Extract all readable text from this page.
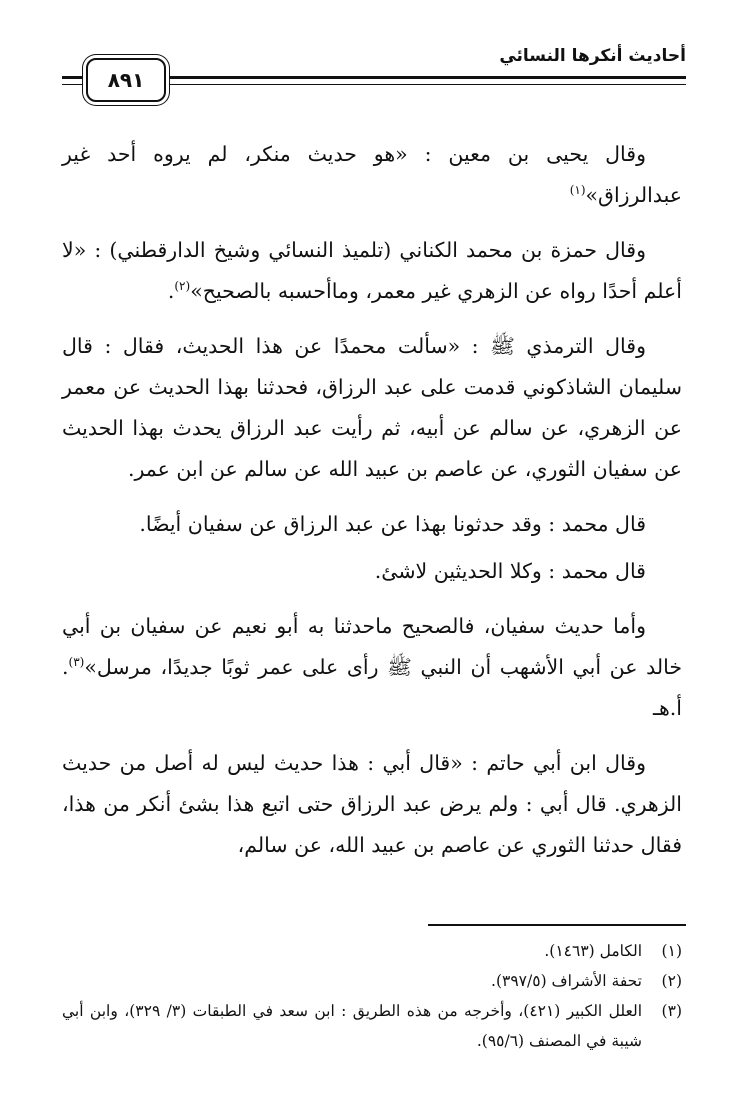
أحاديث أنكرها النسائي
٨٩١

وقال يحيى بن معين : «هو حديث منكر، لم يروه أحد غير عبدالرزاق»$^{(١)}$

وقال حمزة بن محمد الكناني (تلميذ النسائي وشيخ الدارقطني) : «لا أعلم أحدًا رواه عن الزهري غير معمر، وماأحسبه بالصحيح»$^{(٢)}$.

وقال الترمذي ﷺ : «سألت محمدًا عن هذا الحديث، فقال : قال سليمان الشاذكوني قدمت على عبد الرزاق، فحدثنا بهذا الحديث عن معمر عن الزهري، عن سالم عن أبيه، ثم رأيت عبد الرزاق يحدث بهذا الحديث عن سفيان الثوري، عن عاصم بن عبيد الله عن سالم عن ابن عمر.

قال محمد : وقد حدثونا بهذا عن عبد الرزاق عن سفيان أيضًا.

قال محمد : وكلا الحديثين لاشئ.

وأما حديث سفيان، فالصحيح ماحدثنا به أبو نعيم عن سفيان بن أبي خالد عن أبي الأشهب أن النبي ﷺ رأى على عمر ثوبًا جديدًا، مرسل»$^{(٣)}$. أ.هـ

وقال ابن أبي حاتم : «قال أبي : هذا حديث ليس له أصل من حديث الزهري. قال أبي : ولم يرض عبد الرزاق حتى اتبع هذا بشئ أنكر من هذا، فقال حدثنا الثوري عن عاصم بن عبيد الله، عن سالم،

(١)
الكامل (١٤٦٣).
(٢)
تحفة الأشراف (٣٩٧/٥).
(٣)
العلل الكبير (٤٢١)، وأخرجه من هذه الطريق : ابن سعد في الطبقات (٣/ ٣٢٩)، وابن أبي شيبة في المصنف (٩٥/٦).
